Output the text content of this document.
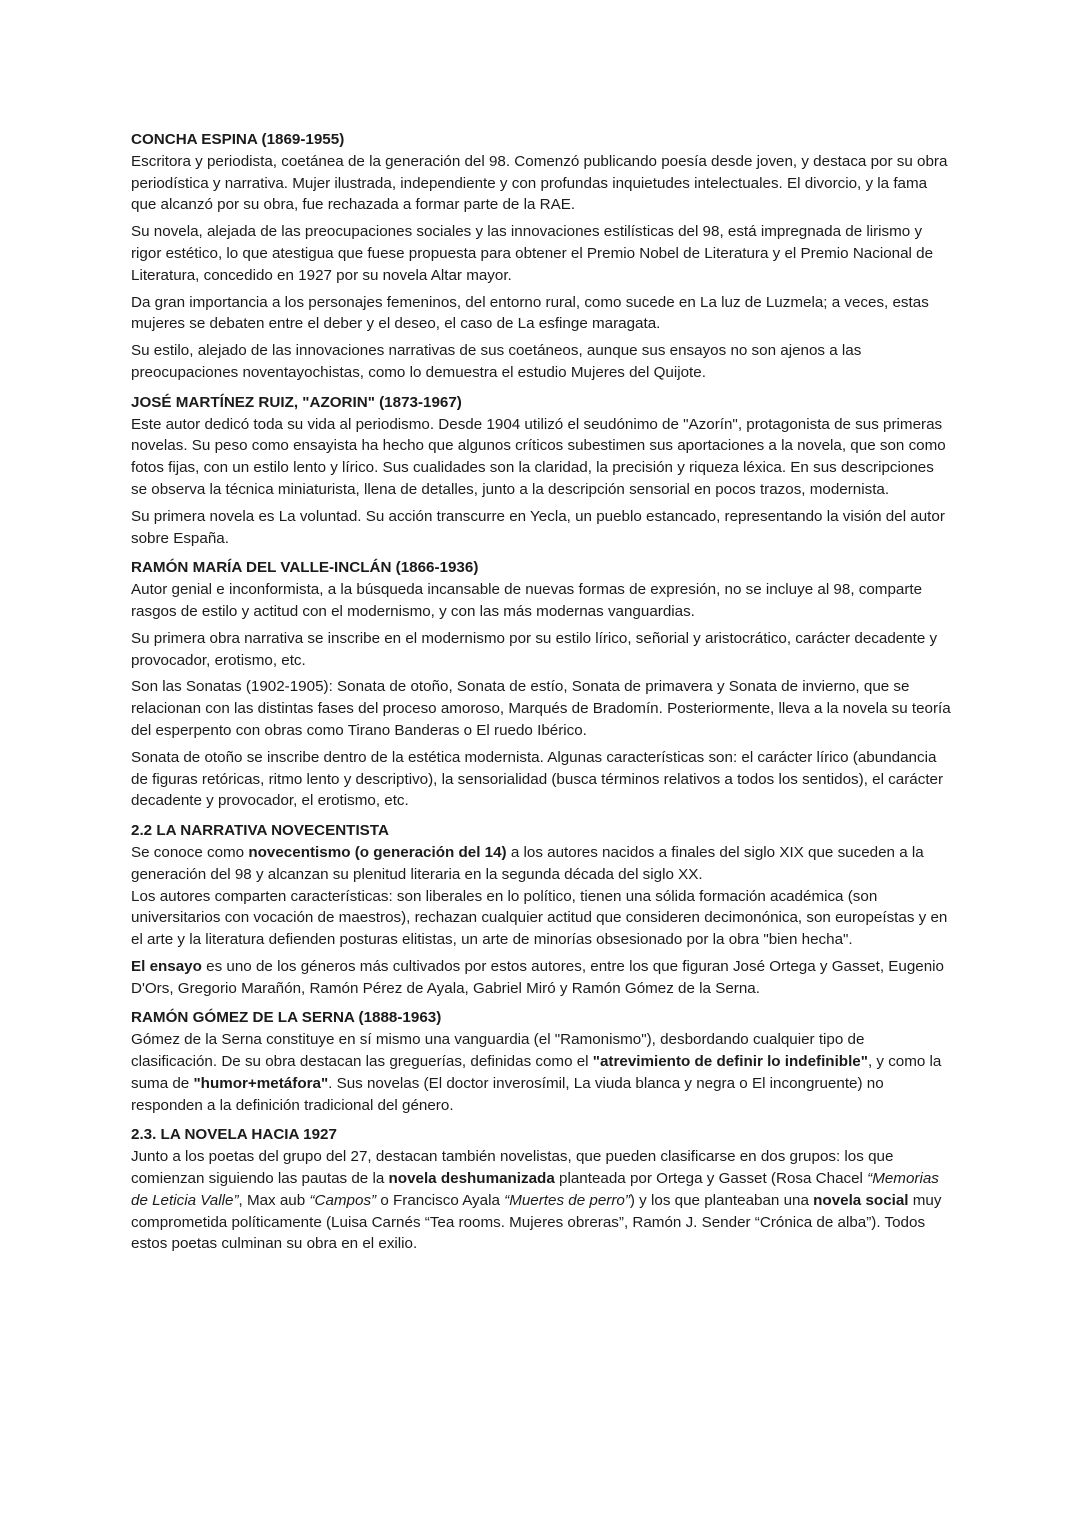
CONCHA ESPINA (1869-1955)

Escritora y periodista, coetánea de la generación del 98. Comenzó publicando poesía desde joven, y destaca por su obra periodística y narrativa. Mujer ilustrada, independiente y con profundas inquietudes intelectuales. El divorcio, y la fama que alcanzó por su obra, fue rechazada a formar parte de la RAE.

Su novela, alejada de las preocupaciones sociales y las innovaciones estilísticas del 98, está impregnada de lirismo y rigor estético, lo que atestigua que fuese propuesta para obtener el Premio Nobel de Literatura y el Premio Nacional de Literatura, concedido en 1927 por su novela Altar mayor.

Da gran importancia a los personajes femeninos, del entorno rural, como sucede en La luz de Luzmela; a veces, estas mujeres se debaten entre el deber y el deseo, el caso de La esfinge maragata.

Su estilo, alejado de las innovaciones narrativas de sus coetáneos, aunque sus ensayos no son ajenos a las preocupaciones noventayochistas, como lo demuestra el estudio Mujeres del Quijote.

JOSÉ MARTÍNEZ RUIZ, "AZORIN" (1873-1967)

Este autor dedicó toda su vida al periodismo. Desde 1904 utilizó el seudónimo de "Azorín", protagonista de sus primeras novelas. Su peso como ensayista ha hecho que algunos críticos subestimen sus aportaciones a la novela, que son como fotos fijas, con un estilo lento y lírico. Sus cualidades son la claridad, la precisión y riqueza léxica. En sus descripciones se observa la técnica miniaturista, llena de detalles, junto a la descripción sensorial en pocos trazos, modernista.

Su primera novela es La voluntad. Su acción transcurre en Yecla, un pueblo estancado, representando la visión del autor sobre España.

RAMÓN MARÍA DEL VALLE-INCLÁN (1866-1936)

Autor genial e inconformista, a la búsqueda incansable de nuevas formas de expresión, no se incluye al 98, comparte rasgos de estilo y actitud con el modernismo, y con las más modernas vanguardias.

Su primera obra narrativa se inscribe en el modernismo por su estilo lírico, señorial y aristocrático, carácter decadente y provocador, erotismo, etc.

Son las Sonatas (1902-1905): Sonata de otoño, Sonata de estío, Sonata de primavera y Sonata de invierno, que se relacionan con las distintas fases del proceso amoroso, Marqués de Bradomín. Posteriormente, lleva a la novela su teoría del esperpento con obras como Tirano Banderas o El ruedo Ibérico.

Sonata de otoño se inscribe dentro de la estética modernista. Algunas características son: el carácter lírico (abundancia de figuras retóricas, ritmo lento y descriptivo), la sensorialidad (busca términos relativos a todos los sentidos), el carácter decadente y provocador, el erotismo, etc.

2.2 LA NARRATIVA NOVECENTISTA

Se conoce como novecentismo (o generación del 14) a los autores nacidos a finales del siglo XIX que suceden a la generación del 98 y alcanzan su plenitud literaria en la segunda década del siglo XX.
Los autores comparten características: son liberales en lo político, tienen una sólida formación académica (son universitarios con vocación de maestros), rechazan cualquier actitud que consideren decimonónica, son europeístas y en el arte y la literatura defienden posturas elitistas, un arte de minorías obsesionado por la obra "bien hecha".

El ensayo es uno de los géneros más cultivados por estos autores, entre los que figuran José Ortega y Gasset, Eugenio D'Ors, Gregorio Marañón, Ramón Pérez de Ayala, Gabriel Miró y Ramón Gómez de la Serna.

RAMÓN GÓMEZ DE LA SERNA (1888-1963)

Gómez de la Serna constituye en sí mismo una vanguardia (el "Ramonismo"), desbordando cualquier tipo de clasificación. De su obra destacan las greguerías, definidas como el "atrevimiento de definir lo indefinible", y como la suma de "humor+metáfora". Sus novelas (El doctor inverosímil, La viuda blanca y negra o El incongruente) no responden a la definición tradicional del género.

2.3. LA NOVELA HACIA 1927

Junto a los poetas del grupo del 27, destacan también novelistas, que pueden clasificarse en dos grupos: los que comienzan siguiendo las pautas de la novela deshumanizada planteada por Ortega y Gasset (Rosa Chacel “Memorias de Leticia Valle”, Max aub “Campos” o Francisco Ayala “Muertes de perro”) y los que planteaban una novela social muy comprometida políticamente (Luisa Carnés “Tea rooms. Mujeres obreras”, Ramón J. Sender “Crónica de alba”). Todos estos poetas culminan su obra en el exilio.
